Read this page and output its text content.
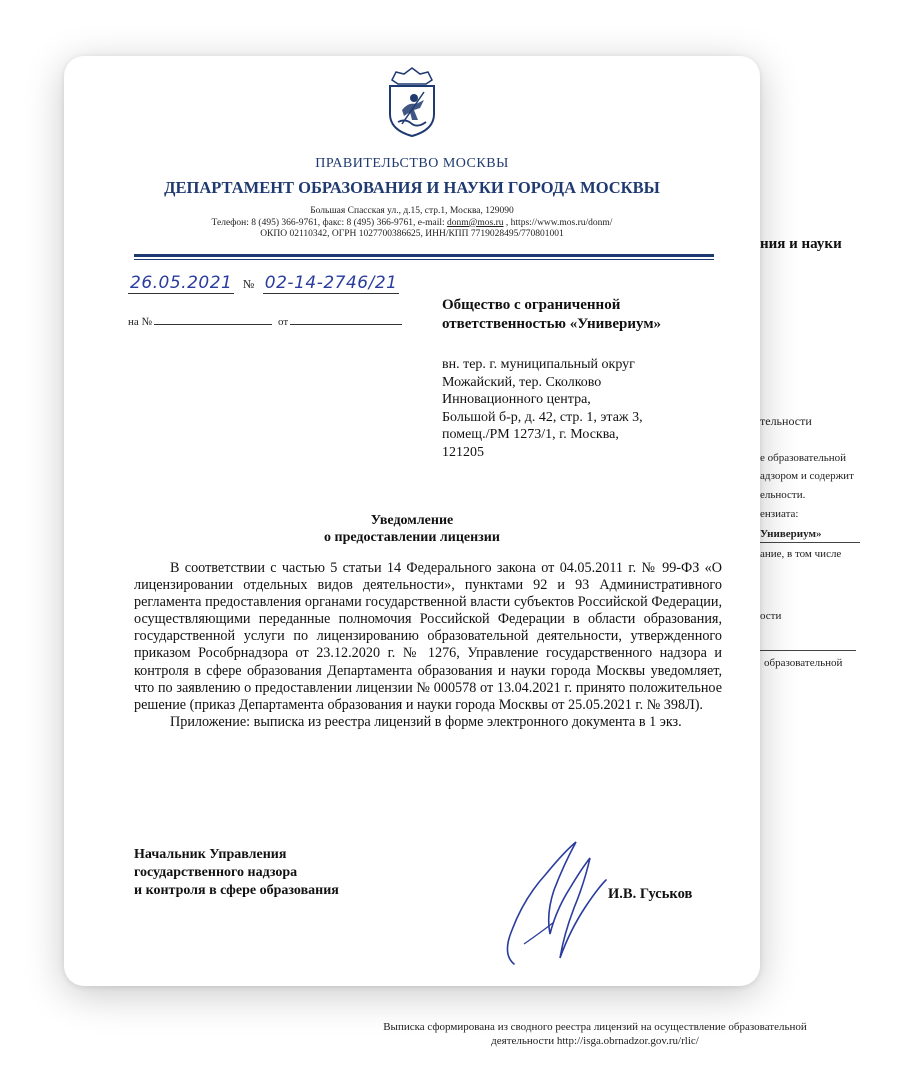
ния и науки
тельности
е образовательной
адзором и содержит
ельности.
ензиата:
Универиум»
ание, в том числе
ости
образовательной
Выписка сформирована из сводного реестра лицензий на осуществление образовательной
деятельности http://isga.obrnadzor.gov.ru/rlic/
ПРАВИТЕЛЬСТВО МОСКВЫ
ДЕПАРТАМЕНТ ОБРАЗОВАНИЯ И НАУКИ ГОРОДА МОСКВЫ
Большая Спасская ул., д.15, стр.1, Москва, 129090
Телефон: 8 (495) 366-9761, факс: 8 (495) 366-9761, e-mail: donm@mos.ru , https://www.mos.ru/donm/
ОКПО 02110342, ОГРН 1027700386625, ИНН/КПП 7719028495/770801001
26.05.2021 № 02-14-2746/21
на №	от
Общество с ограниченной
ответственностью «Универиум»
вн. тер. г. муниципальный округ
Можайский, тер. Сколково
Инновационного центра,
Большой б-р, д. 42, стр. 1, этаж 3,
помещ./РМ 1273/1, г. Москва,
121205
Уведомление
о предоставлении лицензии

В соответствии с частью 5 статьи 14 Федерального закона от 04.05.2011 г. № 99-ФЗ «О лицензировании отдельных видов деятельности», пунктами 92 и 93 Административного регламента предоставления органами государственной власти субъектов Российской Федерации, осуществляющими переданные полномочия Российской Федерации в области образования, государственной услуги по лицензированию образовательной деятельности, утвержденного приказом Рособрнадзора от 23.12.2020 г. № 1276, Управление государственного надзора и контроля в сфере образования Департамента образования и науки города Москвы уведомляет, что по заявлению о предоставлении лицензии № 000578 от 13.04.2021 г. принято положительное решение (приказ Департамента образования и науки города Москвы от 25.05.2021 г. № 398Л).

Приложение: выписка из реестра лицензий в форме электронного документа в 1 экз.

Начальник Управления
государственного надзора
и контроля в сфере образования	И.В. Гуськов
